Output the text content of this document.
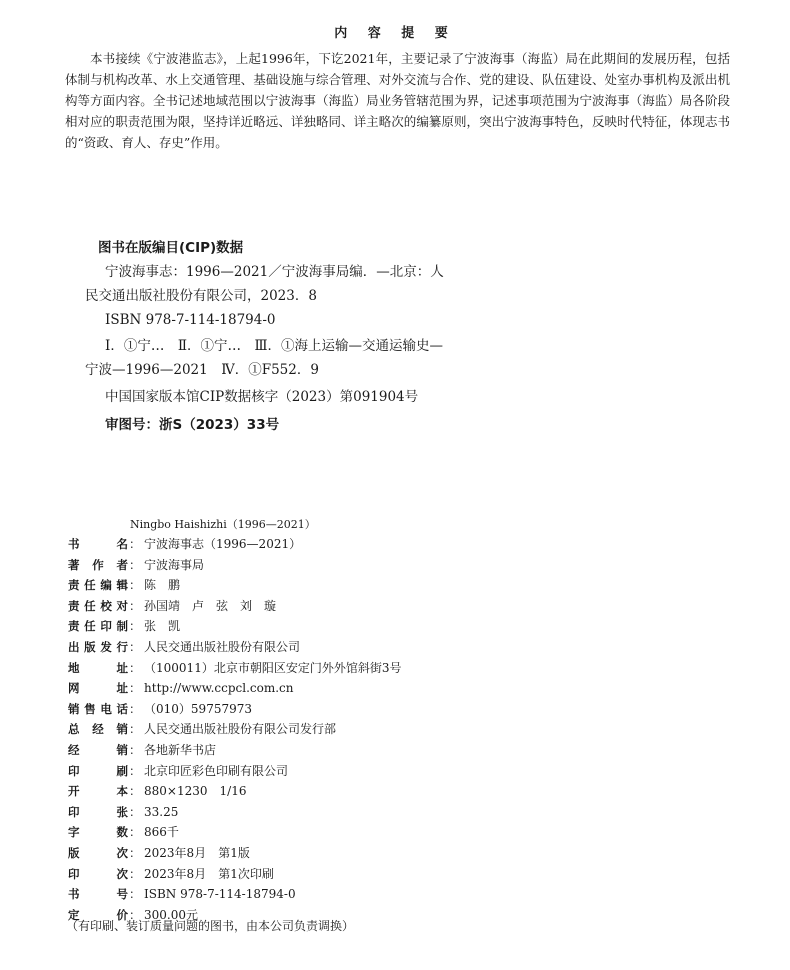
内 容 提 要
本书接续《宁波港监志》，上起1996年，下讫2021年，主要记录了宁波海事（海监）局在此期间的发展历程，包括体制与机构改革、水上交通管理、基础设施与综合管理、对外交流与合作、党的建设、队伍建设、处室办事机构及派出机构等方面内容。全书记述地域范围以宁波海事（海监）局业务管辖范围为界，记述事项范围为宁波海事（海监）局各阶段相对应的职责范围为限，坚持详近略远、详独略同、详主略次的编纂原则，突出宁波海事特色，反映时代特征，体现志书的“资政、育人、存史”作用。
图书在版编目(CIP)数据
宁波海事志：1996—2021／宁波海事局编．—北京：人民交通出版社股份有限公司，2023．8
ISBN 978-7-114-18794-0
Ⅰ．①宁…　Ⅱ．①宁…　Ⅲ．①海上运输—交通运输史—宁波—1996—2021　Ⅳ．①F552．9
中国国家版本馆CIP数据核字（2023）第091904号
审图号：浙S（2023）33号
Ningbo Haishizhi（1996—2021）
书	名 ： 宁波海事志（1996—2021）
著 作 者 ： 宁波海事局
责 任 编 辑 ： 陈　鹏
责 任 校 对 ： 孙国靖　卢　弦　刘　璇
责 任 印 制 ： 张　凯
出 版 发 行 ： 人民交通出版社股份有限公司
地	址 ： （100011）北京市朝阳区安定门外外馆斜街3号
网	址 ： http://www.ccpcl.com.cn
销 售 电 话 ： （010）59757973
总 经 销 ： 人民交通出版社股份有限公司发行部
经	销 ： 各地新华书店
印	刷 ： 北京印匠彩色印刷有限公司
开	本 ： 880×1230　1/16
印	张 ： 33.25
字	数 ： 866千
版	次 ： 2023年8月　第1版
印	次 ： 2023年8月　第1次印刷
书	号 ： ISBN 978-7-114-18794-0
定	价 ： 300.00元
（有印刷、装订质量问题的图书，由本公司负责调换）
